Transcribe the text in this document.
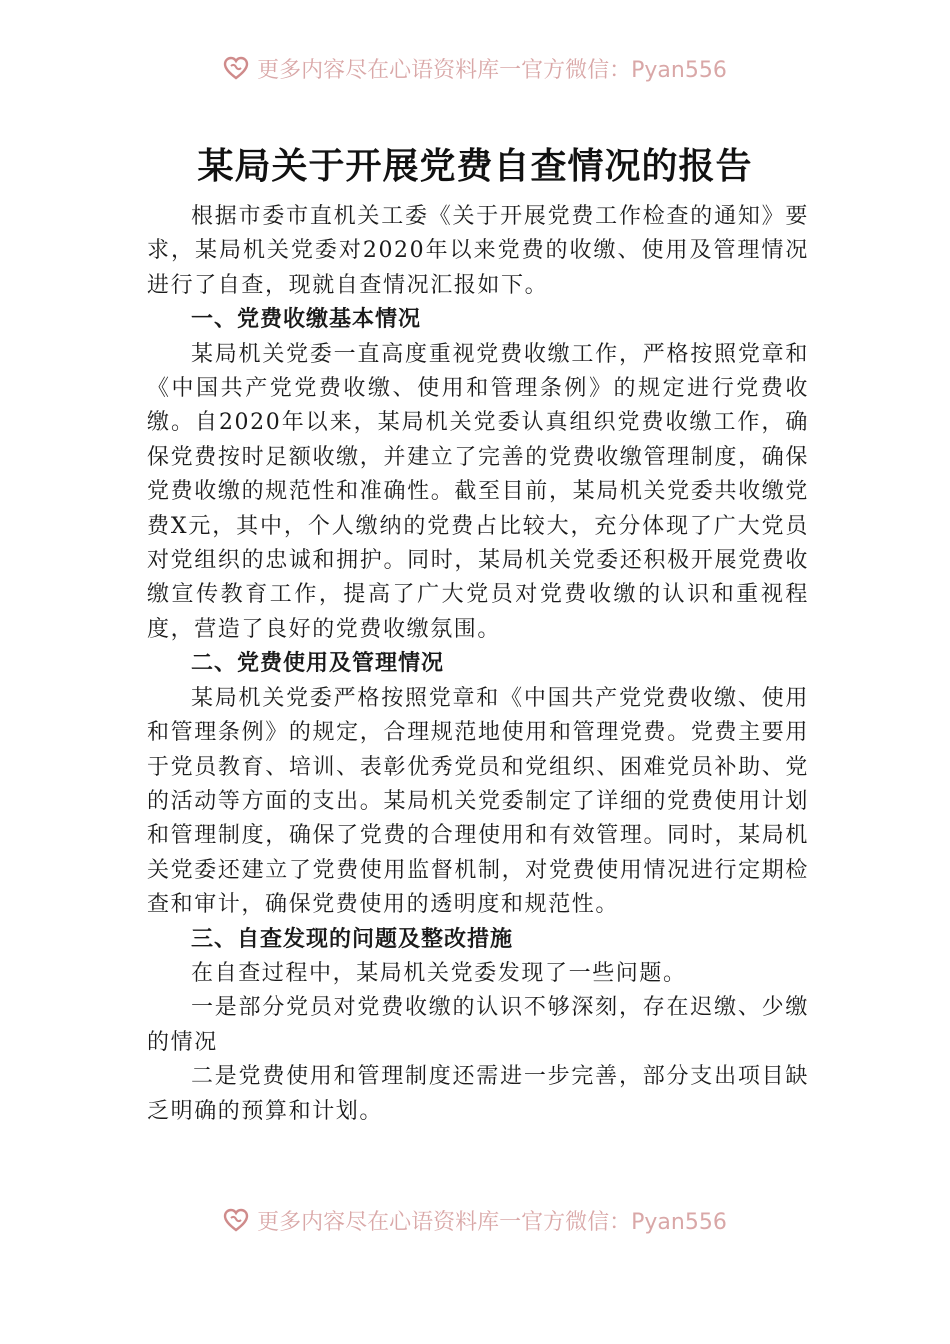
更多内容尽在心语资料库一官方微信：Pyan556
某局关于开展党费自查情况的报告

根据市委市直机关工委《关于开展党费工作检查的通知》要求，某局机关党委对2020年以来党费的收缴、使用及管理情况进行了自查，现就自查情况汇报如下。

一、党费收缴基本情况

某局机关党委一直高度重视党费收缴工作，严格按照党章和《中国共产党党费收缴、使用和管理条例》的规定进行党费收缴。自2020年以来，某局机关党委认真组织党费收缴工作，确保党费按时足额收缴，并建立了完善的党费收缴管理制度，确保党费收缴的规范性和准确性。截至目前，某局机关党委共收缴党费X元，其中，个人缴纳的党费占比较大，充分体现了广大党员对党组织的忠诚和拥护。同时，某局机关党委还积极开展党费收缴宣传教育工作，提高了广大党员对党费收缴的认识和重视程度，营造了良好的党费收缴氛围。

二、党费使用及管理情况

某局机关党委严格按照党章和《中国共产党党费收缴、使用和管理条例》的规定，合理规范地使用和管理党费。党费主要用于党员教育、培训、表彰优秀党员和党组织、困难党员补助、党的活动等方面的支出。某局机关党委制定了详细的党费使用计划和管理制度，确保了党费的合理使用和有效管理。同时，某局机关党委还建立了党费使用监督机制，对党费使用情况进行定期检查和审计，确保党费使用的透明度和规范性。

三、自查发现的问题及整改措施

在自查过程中，某局机关党委发现了一些问题。

一是部分党员对党费收缴的认识不够深刻，存在迟缴、少缴的情况

二是党费使用和管理制度还需进一步完善，部分支出项目缺乏明确的预算和计划。

更多内容尽在心语资料库一官方微信：Pyan556
